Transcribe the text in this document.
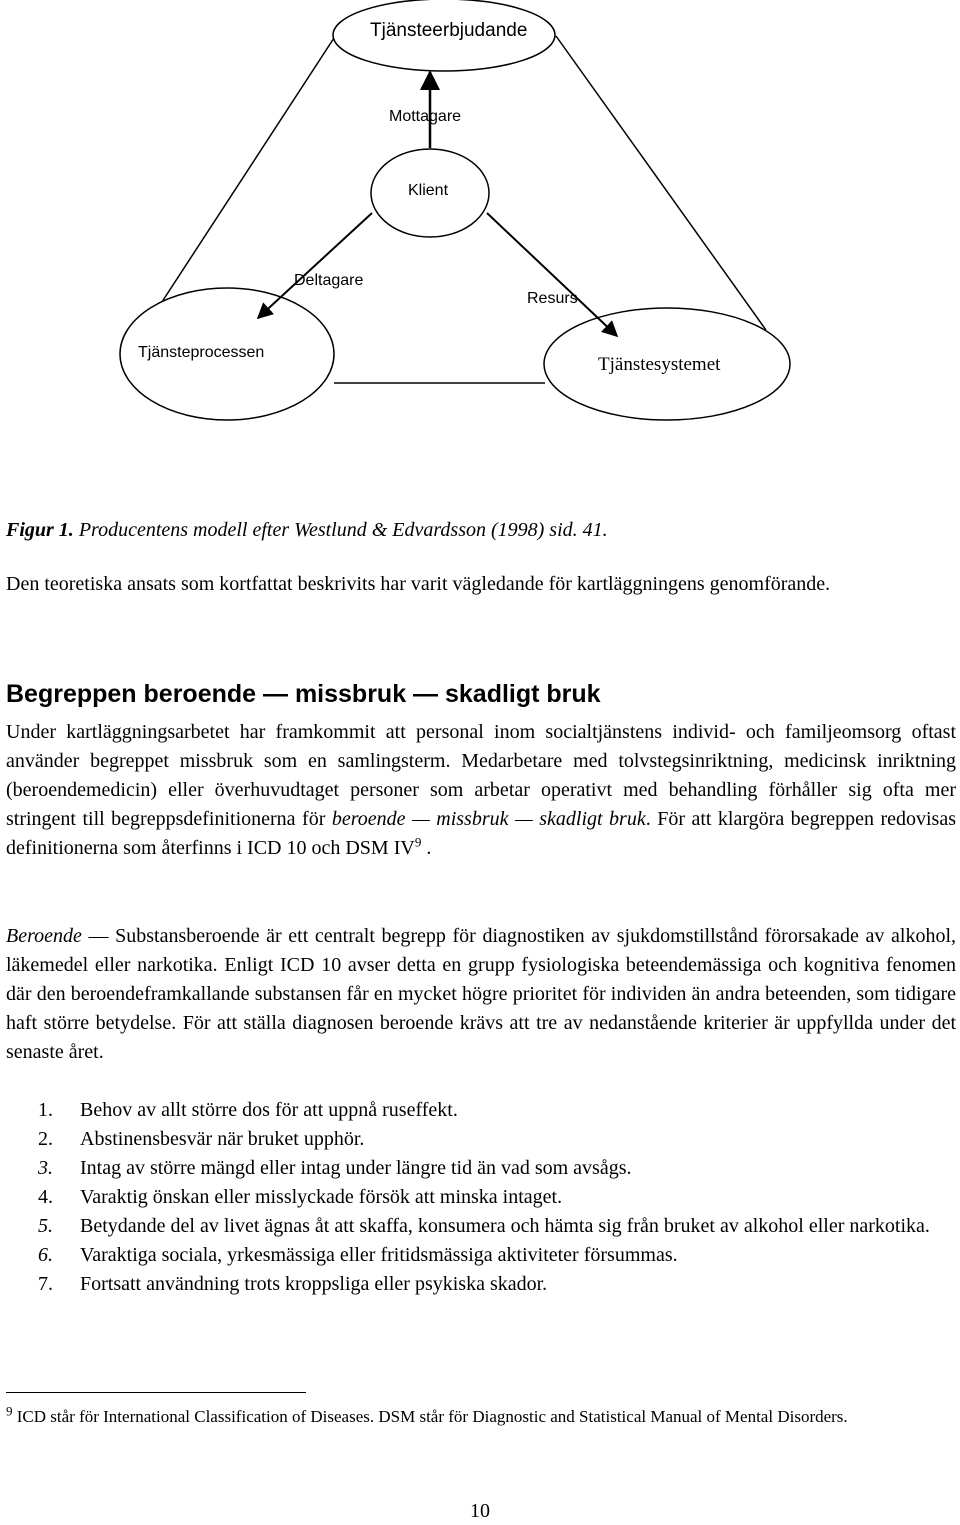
Tjänsteerbjudande
Mottagare
Klient
Deltagare
Resurs
Tjänsteprocessen
Tjänstesystemet
Figur 1. Producentens modell efter Westlund & Edvardsson (1998) sid. 41.

Den teoretiska ansats som kortfattat beskrivits har varit vägledande för kartläggningens genomförande.

Begreppen beroende — missbruk — skadligt bruk

Under kartläggningsarbetet har framkommit att personal inom socialtjänstens individ- och familjeomsorg oftast använder begreppet missbruk som en samlingsterm. Medarbetare med tolvstegsinriktning, medicinsk inriktning (beroendemedicin) eller överhuvudtaget personer som arbetar operativt med behandling förhåller sig ofta mer stringent till begreppsdefinitionerna för beroende — missbruk — skadligt bruk. För att klargöra begreppen redovisas definitionerna som återfinns i ICD 10 och DSM $IV^9$ .

Beroende — Substansberoende är ett centralt begrepp för diagnostiken av sjukdomstillstånd förorsakade av alkohol, läkemedel eller narkotika. Enligt ICD 10 avser detta en grupp fysiologiska beteendemässiga och kognitiva fenomen där den beroendeframkallande substansen får en mycket högre prioritet för individen än andra beteenden, som tidigare haft större betydelse. För att ställa diagnosen beroende krävs att tre av nedanstående kriterier är uppfyllda under det senaste året.

1. Behov av allt större dos för att uppnå ruseffekt.
2. Abstinensbesvär när bruket upphör.
3. Intag av större mängd eller intag under längre tid än vad som avsågs.
4. Varaktig önskan eller misslyckade försök att minska intaget.
5. Betydande del av livet ägnas åt att skaffa, konsumera och hämta sig från bruket av alkohol eller narkotika.
6. Varaktiga sociala, yrkesmässiga eller fritidsmässiga aktiviteter försummas.
7. Fortsatt användning trots kroppsliga eller psykiska skador.

$^9$ ICD står för International Classification of Diseases. DSM står för Diagnostic and Statistical Manual of Mental Disorders.

10
